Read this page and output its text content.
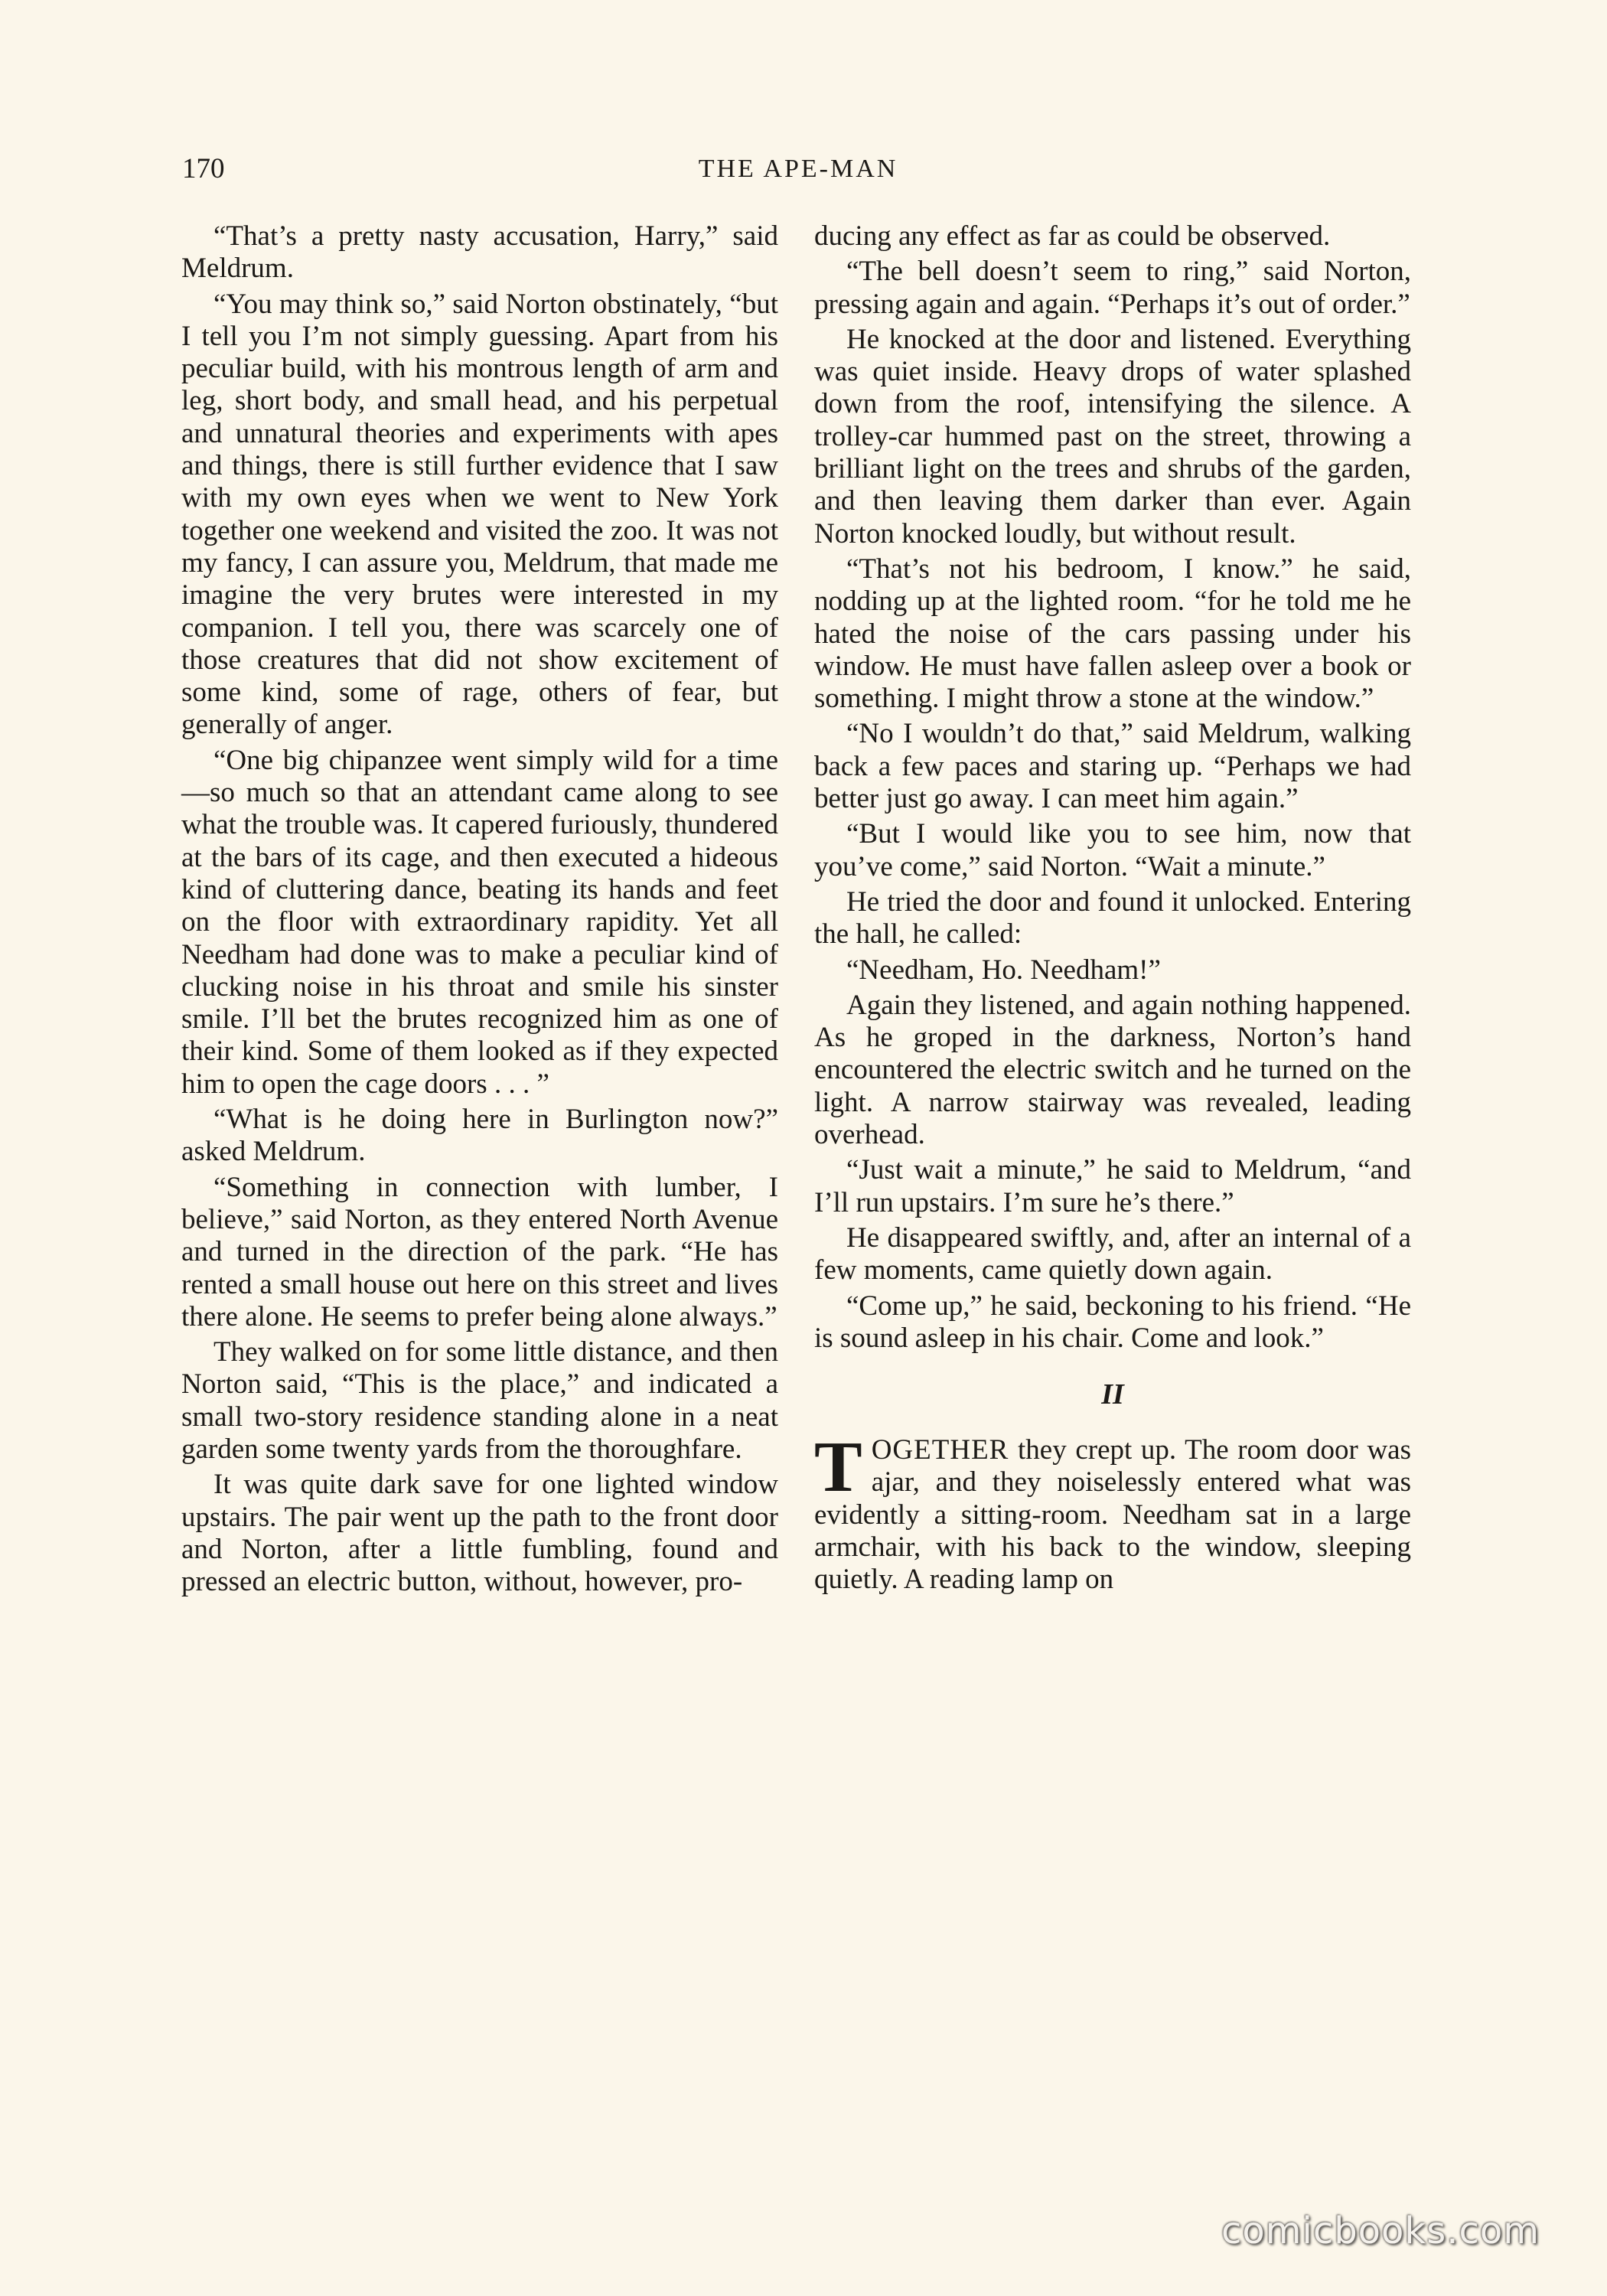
170	THE APE-MAN

“That’s a pretty nasty accusation, Harry,” said Meldrum.

“You may think so,” said Norton obstinately, “but I tell you I’m not simply guessing. Apart from his peculiar build, with his montrous length of arm and leg, short body, and small head, and his perpetual and unnatural theories and experiments with apes and things, there is still further evidence that I saw with my own eyes when we went to New York together one weekend and visited the zoo. It was not my fancy, I can assure you, Meldrum, that made me imagine the very brutes were interested in my companion. I tell you, there was scarcely one of those creatures that did not show excitement of some kind, some of rage, others of fear, but generally of anger.

“One big chipanzee went simply wild for a time—so much so that an attendant came along to see what the trouble was. It capered furiously, thundered at the bars of its cage, and then executed a hideous kind of cluttering dance, beating its hands and feet on the floor with extraordinary rapidity. Yet all Needham had done was to make a peculiar kind of clucking noise in his throat and smile his sinster smile. I’ll bet the brutes recognized him as one of their kind. Some of them looked as if they expected him to open the cage doors . . . ”

“What is he doing here in Burlington now?” asked Meldrum.

“Something in connection with lumber, I believe,” said Norton, as they entered North Avenue and turned in the direction of the park. “He has rented a small house out here on this street and lives there alone. He seems to prefer being alone always.”

They walked on for some little distance, and then Norton said, “This is the place,” and indicated a small two-story residence standing alone in a neat garden some twenty yards from the thoroughfare.

It was quite dark save for one lighted window upstairs. The pair went up the path to the front door and Norton, after a little fumbling, found and pressed an electric button, without, however, pro-

ducing any effect as far as could be observed.

“The bell doesn’t seem to ring,” said Norton, pressing again and again. “Perhaps it’s out of order.”

He knocked at the door and listened. Everything was quiet inside. Heavy drops of water splashed down from the roof, intensifying the silence. A trolley-car hummed past on the street, throwing a brilliant light on the trees and shrubs of the garden, and then leaving them darker than ever. Again Norton knocked loudly, but without result.

“That’s not his bedroom, I know.” he said, nodding up at the lighted room. “for he told me he hated the noise of the cars passing under his window. He must have fallen asleep over a book or something. I might throw a stone at the window.”

“No I wouldn’t do that,” said Meldrum, walking back a few paces and staring up. “Perhaps we had better just go away. I can meet him again.”

“But I would like you to see him, now that you’ve come,” said Norton. “Wait a minute.”

He tried the door and found it unlocked. Entering the hall, he called:

“Needham, Ho. Needham!”

Again they listened, and again nothing happened. As he groped in the darkness, Norton’s hand encountered the electric switch and he turned on the light. A narrow stairway was revealed, leading overhead.

“Just wait a minute,” he said to Meldrum, “and I’ll run upstairs. I’m sure he’s there.”

He disappeared swiftly, and, after an internal of a few moments, came quietly down again.

“Come up,” he said, beckoning to his friend. “He is sound asleep in his chair. Come and look.”

II

TOGETHER they crept up. The room door was ajar, and they noiselessly entered what was evidently a sitting-room. Needham sat in a large armchair, with his back to the window, sleeping quietly. A reading lamp on

comicbooks.com
